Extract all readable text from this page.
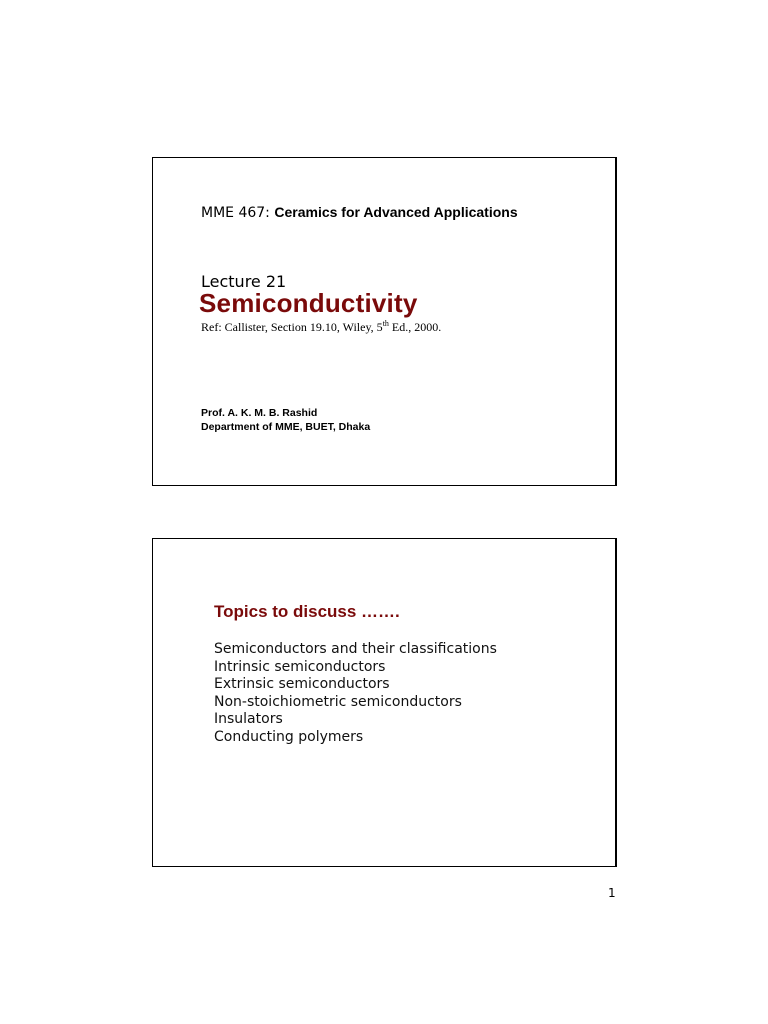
MME 467: Ceramics for Advanced Applications
Lecture 21
Semiconductivity
Ref: Callister, Section 19.10, Wiley, 5th Ed., 2000.
Prof. A. K. M. B. Rashid
Department of MME, BUET, Dhaka
Topics to discuss …….
Semiconductors and their classifications
Intrinsic semiconductors
Extrinsic semiconductors
Non-stoichiometric semiconductors
Insulators
Conducting polymers
1
